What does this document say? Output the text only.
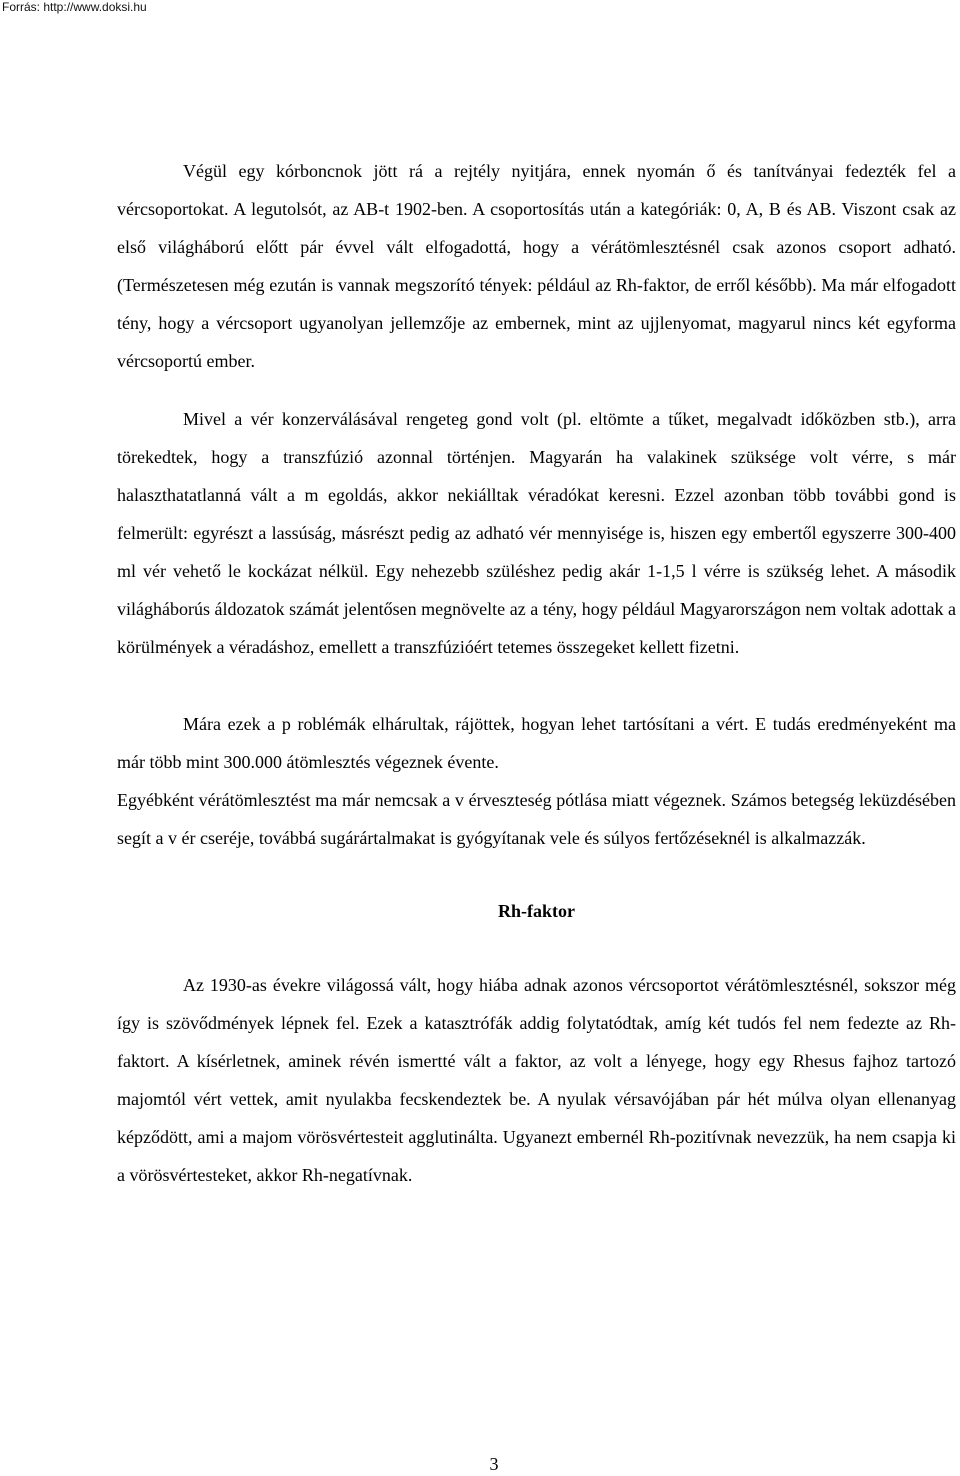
Forrás: http://www.doksi.hu

Végül egy kórboncnok jött rá a rejtély nyitjára, ennek nyomán ő és tanítványai fedezték fel a vércsoportokat. A legutolsót, az AB-t 1902-ben. A csoportosítás után a kategóriák: 0, A, B és AB. Viszont csak az első világháború előtt pár évvel vált elfogadottá, hogy a vérátömlesztésnél csak azonos csoport adható. (Természetesen még ezután is vannak megszorító tények: például az Rh-faktor, de erről később). Ma már elfogadott tény, hogy a vércsoport ugyanolyan jellemzője az embernek, mint az ujjlenyomat, magyarul nincs két egyforma vércsoportú ember.

Mivel a vér konzerválásával rengeteg gond volt (pl. eltömte a tűket, megalvadt időközben stb.), arra törekedtek, hogy a transzfúzió azonnal történjen. Magyarán ha valakinek szüksége volt vérre, s már halaszthatatlanná vált a m egoldás, akkor nekiálltak véradókat keresni. Ezzel azonban több további gond is felmerült: egyrészt a lassúság, másrészt pedig az adható vér mennyisége is, hiszen egy embertől egyszerre 300-400 ml vér vehető le kockázat nélkül. Egy nehezebb szüléshez pedig akár 1-1,5 l vérre is szükség lehet. A második világháborús áldozatok számát jelentősen megnövelte az a tény, hogy például Magyarországon nem voltak adottak a körülmények a véradáshoz, emellett a transzfúzióért tetemes összegeket kellett fizetni.

Mára ezek a p roblémák elhárultak, rájöttek, hogyan lehet tartósítani a vért. E tudás eredményeként ma már több mint 300.000 átömlesztés végeznek évente.

Egyébként vérátömlesztést ma már nemcsak a v érveszteség pótlása miatt végeznek. Számos betegség leküzdésében segít a v ér cseréje, továbbá sugárártalmakat is gyógyítanak vele és súlyos fertőzéseknél is alkalmazzák.

Rh-faktor

Az 1930-as évekre világossá vált, hogy hiába adnak azonos vércsoportot vérátömlesztésnél, sokszor még így is szövődmények lépnek fel. Ezek a katasztrófák addig folytatódtak, amíg két tudós fel nem fedezte az Rh-faktort. A kísérletnek, aminek révén ismertté vált a faktor, az volt a lényege, hogy egy Rhesus fajhoz tartozó majomtól vért vettek, amit nyulakba fecskendeztek be. A nyulak vérsavójában pár hét múlva olyan ellenanyag képződött, ami a majom vörösvértesteit agglutinálta. Ugyanezt embernél Rh-pozitívnak nevezzük, ha nem csapja ki a vörösvértesteket, akkor Rh-negatívnak.

3
